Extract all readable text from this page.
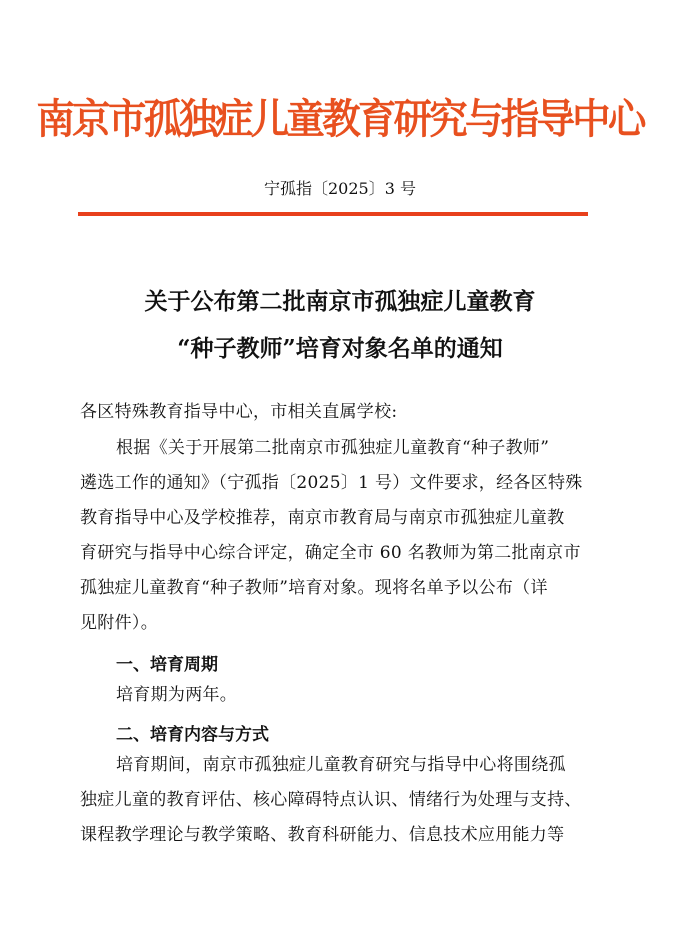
南京市孤独症儿童教育研究与指导中心
宁孤指〔2025〕3 号
关于公布第二批南京市孤独症儿童教育
“种子教师”培育对象名单的通知
各区特殊教育指导中心，市相关直属学校:
根据《关于开展第二批南京市孤独症儿童教育“种子教师”
遴选工作的通知》（宁孤指〔2025〕1 号）文件要求，经各区特殊
教育指导中心及学校推荐，南京市教育局与南京市孤独症儿童教
育研究与指导中心综合评定，确定全市 60 名教师为第二批南京市
孤独症儿童教育“种子教师”培育对象。现将名单予以公布（详
见附件）。
一、培育周期
培育期为两年。
二、培育内容与方式
培育期间，南京市孤独症儿童教育研究与指导中心将围绕孤
独症儿童的教育评估、核心障碍特点认识、情绪行为处理与支持、
课程教学理论与教学策略、教育科研能力、信息技术应用能力等
